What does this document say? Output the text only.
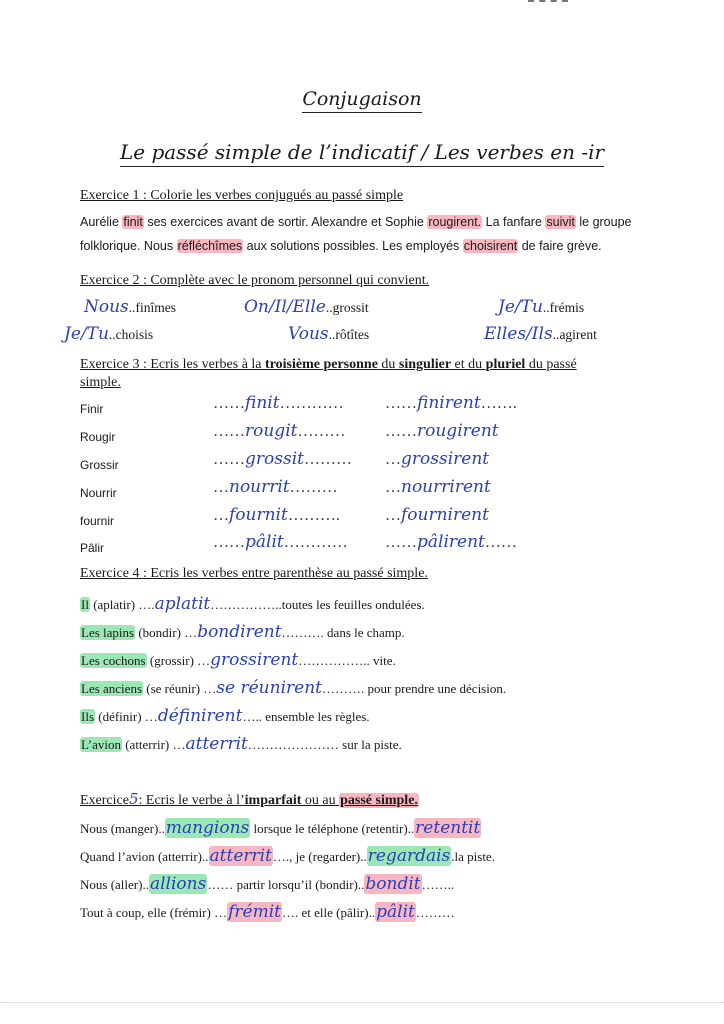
Conjugaison
Le passé simple de l’indicatif / Les verbes en -ir
Exercice 1 : Colorie les verbes conjugués au passé simple
Aurélie finit ses exercices avant de sortir. Alexandre et Sophie rougirent. La fanfare suivit le groupe
folklorique. Nous réfléchîmes aux solutions possibles. Les employés choisirent de faire grève.
Exercice 2 : Complète avec le pronom personnel qui convient.
Nous..finîmes	On/Il/Elle..grossit	Je/Tu..frémis
Je/Tu..choisis	Vous..rôtîtes	Elles/Ils..agirent
Exercice 3 : Ecris les verbes à la troisième personne du singulier et du pluriel du passé
simple.
Finir	……finit…………	……finirent…….
Rougir	……rougit……… ……rougirent
Grossir	……grossit……… …grossirent
Nourrir	…nourrit………	…nourrirent
fournir	…fournit……….	…fournirent
Pâlir	……pâlit………… ……pâlirent……
Exercice 4 : Ecris les verbes entre parenthèse au passé simple.
Il (aplatir) ….aplatit……………..toutes les feuilles ondulées.
Les lapins (bondir) …bondirent………. dans le champ.
Les cochons (grossir) …grossirent…………….. vite.
Les anciens (se réunir) …se réunirent………. pour prendre une décision.
Ils (définir) …définirent….. ensemble les règles.
L’avion (atterrir) …atterrit………………… sur la piste.
Exercice5: Ecris le verbe à l’imparfait ou au passé simple.
Nous (manger)..mangions lorsque le téléphone (retentir)..retentit
Quand l’avion (atterrir)..atterrit…., je (regarder)..regardais.la piste.
Nous (aller)..allions…… partir lorsqu’il (bondir)..bondit……..
Tout à coup, elle (frémir) …frémit…. et elle (pâlir)..pâlit………
